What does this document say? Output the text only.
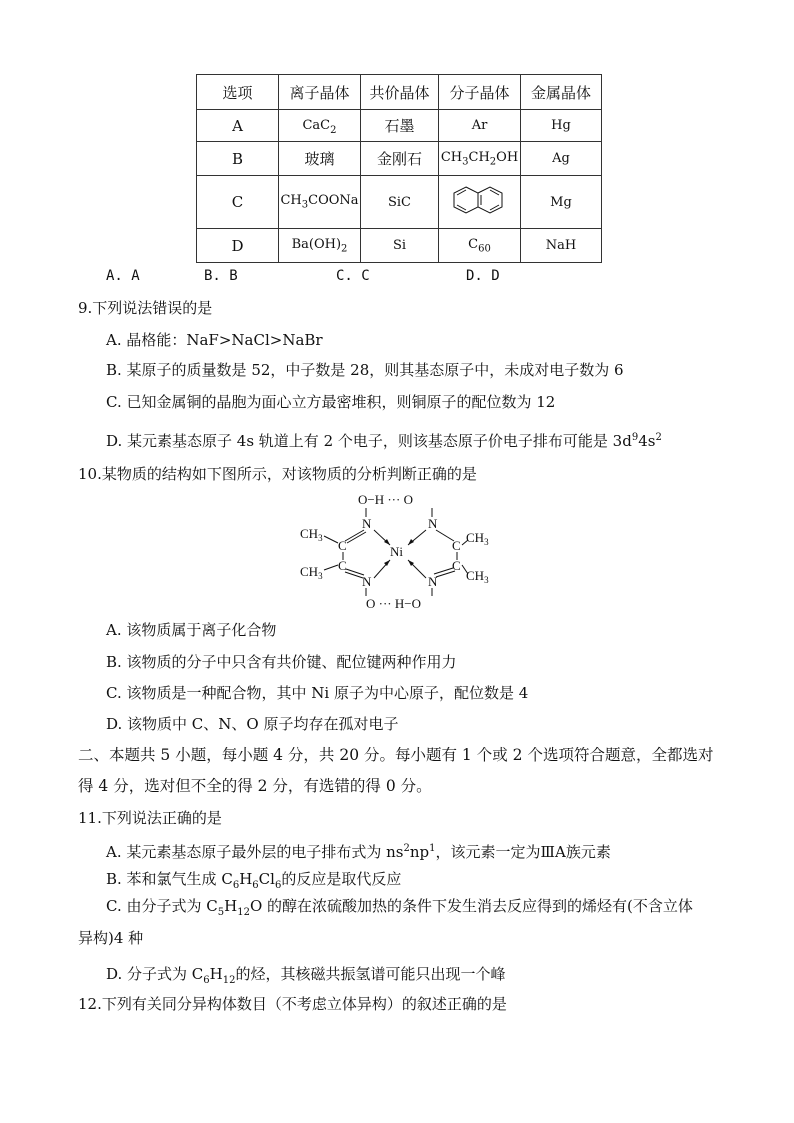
选项	离子晶体	共价晶体	分子晶体	金属晶体
A	CaC$_2$	石墨	Ar	Hg
B	玻璃	金刚石	$CH_3CH_2OH$	Ag
C	$CH_3COONa$	SiC		Mg
D	$Ba(OH)_2$	Si	$C_{60}$	NaH
A. A	B. B	C. C	D. D
9.下列说法错误的是
A. 晶格能：NaF>NaCl>NaBr
B. 某原子的质量数是 52，中子数是 28，则其基态原子中，未成对电子数为 6
C. 已知金属铜的晶胞为面心立方最密堆积，则铜原子的配位数为 12
D. 某元素基态原子 4s 轨道上有 2 个电子，则该基态原子价电子排布可能是 $3d^94s^2$
10.某物质的结构如下图所示，对该物质的分析判断正确的是
O−H ··· O
O ··· H−O
N	N
N	N
Ni
C
C
C
C
$CH_3$
$CH_3$
$CH_3$
$CH_3$
A. 该物质属于离子化合物
B. 该物质的分子中只含有共价键、配位键两种作用力
C. 该物质是一种配合物，其中 Ni 原子为中心原子，配位数是 4
D. 该物质中 C、N、O 原子均存在孤对电子
二、本题共 5 小题，每小题 4 分，共 20 分。每小题有 1 个或 2 个选项符合题意，全都选对
得 4 分，选对但不全的得 2 分，有选错的得 0 分。
11.下列说法正确的是
A. 某元素基态原子最外层的电子排布式为 $ns^2np^1$，该元素一定为ⅢA族元素
B. 苯和氯气生成 $C_6H_6Cl_6$的反应是取代反应
C. 由分子式为 $C_5H_{12}O$ 的醇在浓硫酸加热的条件下发生消去反应得到的烯烃有(不含立体
异构)4 种
D. 分子式为 $C_6H_{12}$的烃，其核磁共振氢谱可能只出现一个峰
12.下列有关同分异构体数目（不考虑立体异构）的叙述正确的是
